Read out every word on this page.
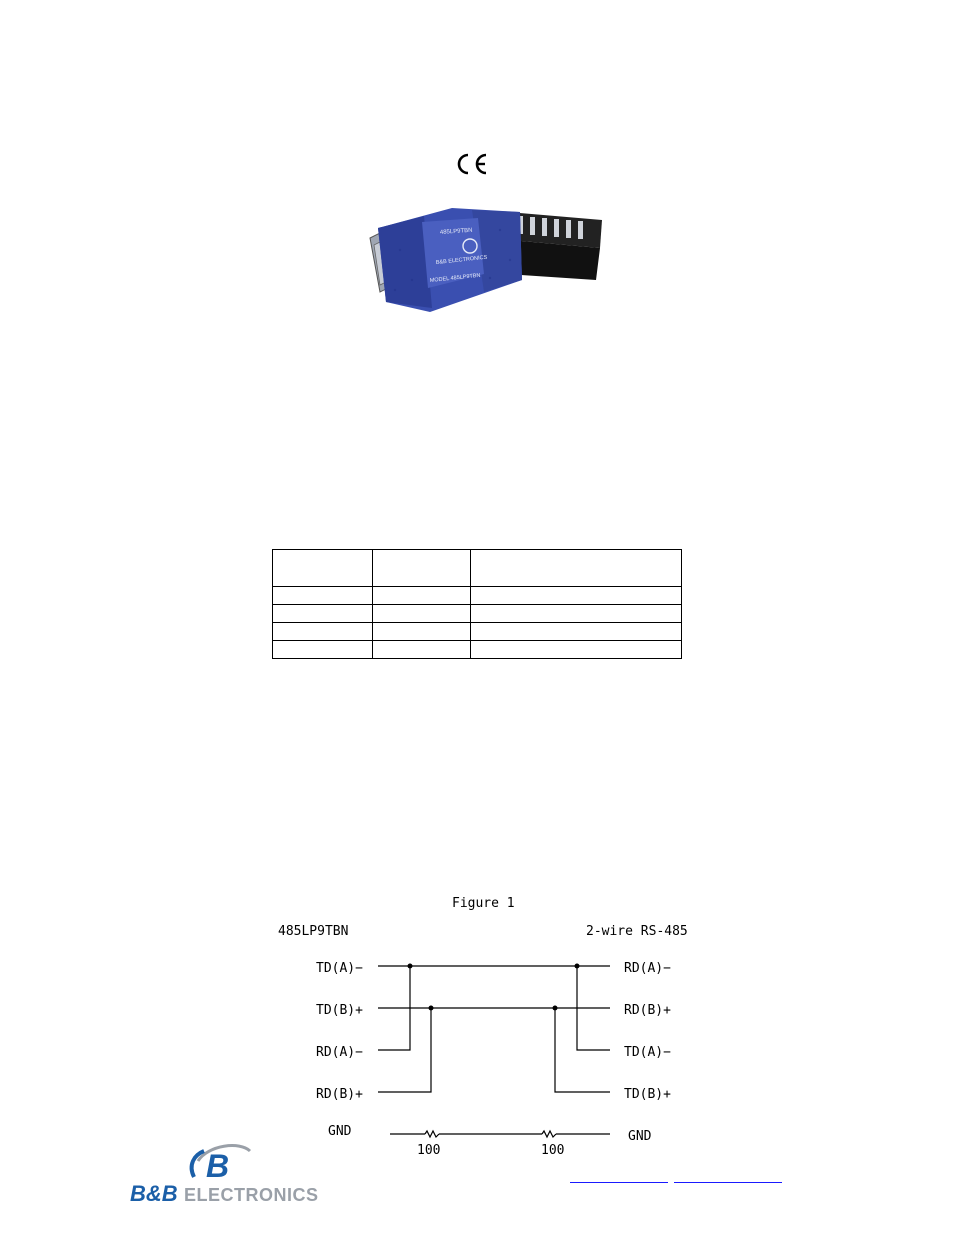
485LP9TBN
B&B ELECTRONICS
MODEL 485LP9TBN

Figure 1
485LP9TBN	2-wire RS-485
TD(A)−
TD(B)+
RD(A)−
RD(B)+
GND
RD(A)−
RD(B)+
TD(A)−
TD(B)+
GND
100	100
B
B&B ELECTRONICS
